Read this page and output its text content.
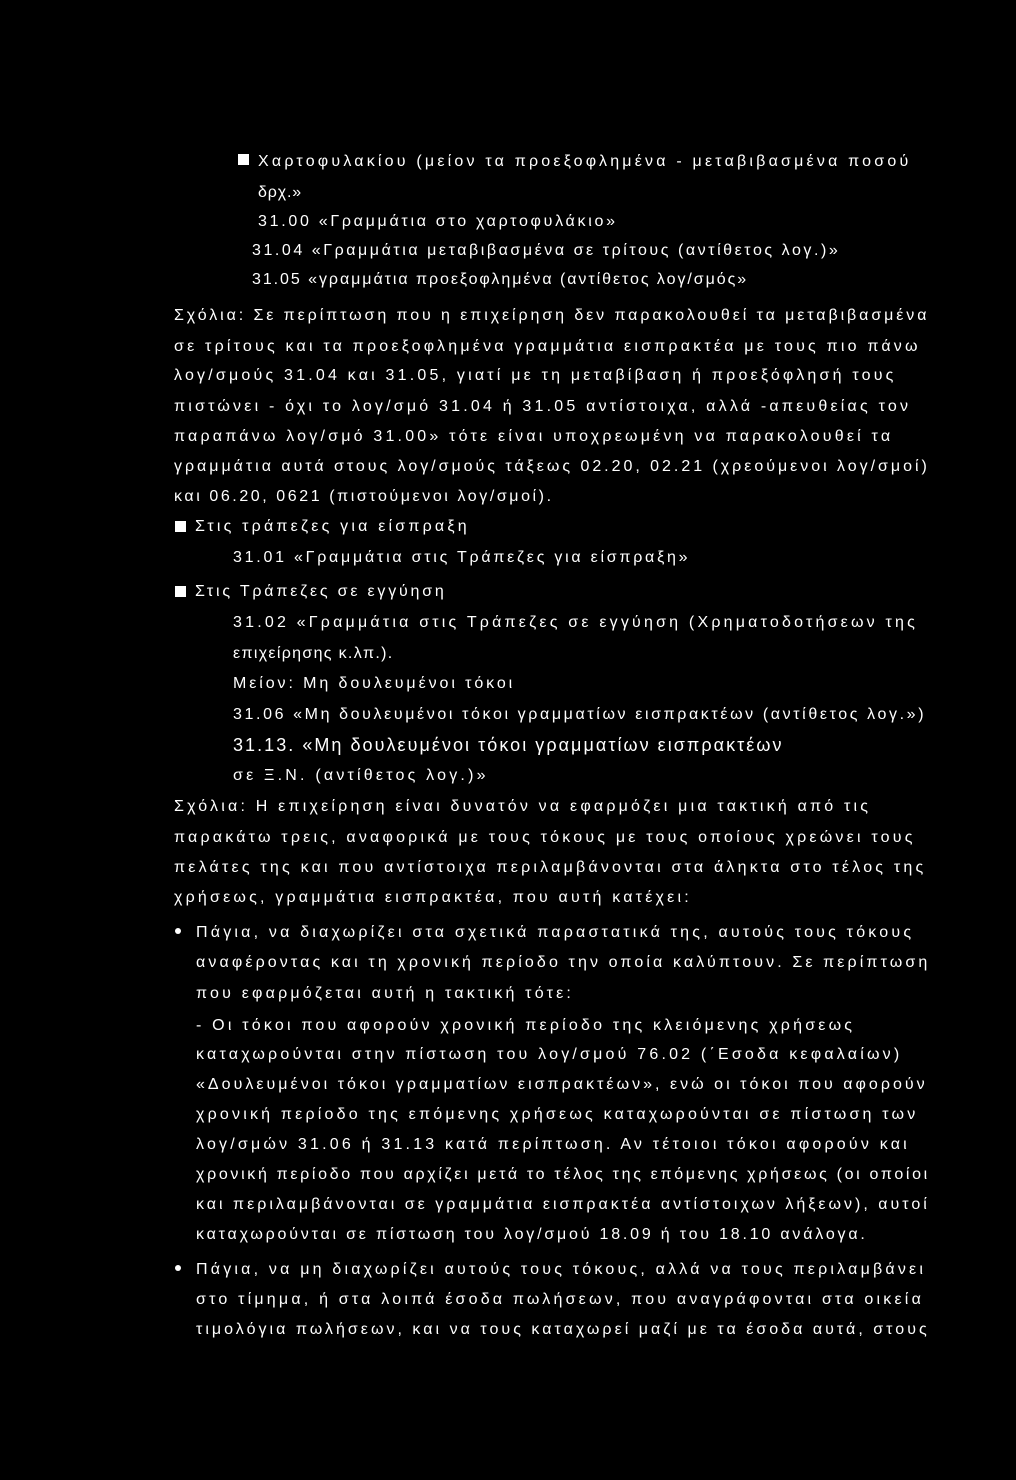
Χαρτοφυλακίου (μείον τα προεξοφλημένα - μεταβιβασμένα ποσού
δρχ.»
31.00 «Γραμμάτια στο χαρτοφυλάκιο»
31.04 «Γραμμάτια μεταβιβασμένα σε τρίτους (αντίθετος λογ.)»
31.05 «γραμμάτια προεξοφλημένα (αντίθετος λογ/σμός»
Σχόλια: Σε περίπτωση που η επιχείρηση δεν παρακολουθεί τα μεταβιβασμένα
σε τρίτους και τα προεξοφλημένα γραμμάτια εισπρακτέα με τους πιο πάνω
λογ/σμούς 31.04 και 31.05, γιατί με τη μεταβίβαση ή προεξόφλησή τους
πιστώνει - όχι το λογ/σμό 31.04 ή 31.05 αντίστοιχα, αλλά -απευθείας τον
παραπάνω λογ/σμό 31.00» τότε είναι υποχρεωμένη να παρακολουθεί τα
γραμμάτια αυτά στους λογ/σμούς τάξεως 02.20, 02.21 (χρεούμενοι λογ/σμοί)
και 06.20, 0621 (πιστούμενοι λογ/σμοί).
Στις τράπεζες για είσπραξη
31.01 «Γραμμάτια στις Τράπεζες για είσπραξη»
Στις Τράπεζες σε εγγύηση
31.02 «Γραμμάτια στις Τράπεζες σε εγγύηση (Χρηματοδοτήσεων της
επιχείρησης κ.λπ.).
Μείον: Μη δουλευμένοι τόκοι
31.06 «Μη δουλευμένοι τόκοι γραμματίων εισπρακτέων (αντίθετος λογ.»)
31.13. «Μη δουλευμένοι τόκοι γραμματίων εισπρακτέων
σε Ξ.Ν. (αντίθετος λογ.)»
Σχόλια: Η επιχείρηση είναι δυνατόν να εφαρμόζει μια τακτική από τις
παρακάτω τρεις, αναφορικά με τους τόκους με τους οποίους χρεώνει τους
πελάτες της και που αντίστοιχα περιλαμβάνονται στα άληκτα στο τέλος της
χρήσεως, γραμμάτια εισπρακτέα, που αυτή κατέχει:
Πάγια, να διαχωρίζει στα σχετικά παραστατικά της, αυτούς τους τόκους
αναφέροντας και τη χρονική περίοδο την οποία καλύπτουν. Σε περίπτωση
που εφαρμόζεται αυτή η τακτική τότε:
- Οι τόκοι που αφορούν χρονική περίοδο της κλειόμενης χρήσεως
καταχωρούνται στην πίστωση του λογ/σμού 76.02 (΄Εσοδα κεφαλαίων)
«Δουλευμένοι τόκοι γραμματίων εισπρακτέων», ενώ οι τόκοι που αφορούν
χρονική περίοδο της επόμενης χρήσεως καταχωρούνται σε πίστωση των
λογ/σμών 31.06 ή 31.13 κατά περίπτωση. Αν τέτοιοι τόκοι αφορούν και
χρονική περίοδο που αρχίζει μετά το τέλος της επόμενης χρήσεως (οι οποίοι
και περιλαμβάνονται σε γραμμάτια εισπρακτέα αντίστοιχων λήξεων), αυτοί
καταχωρούνται σε πίστωση του λογ/σμού 18.09 ή του 18.10 ανάλογα.
Πάγια, να μη διαχωρίζει αυτούς τους τόκους, αλλά να τους περιλαμβάνει
στο τίμημα, ή στα λοιπά έσοδα πωλήσεων, που αναγράφονται στα οικεία
τιμολόγια πωλήσεων, και να τους καταχωρεί μαζί με τα έσοδα αυτά, στους
